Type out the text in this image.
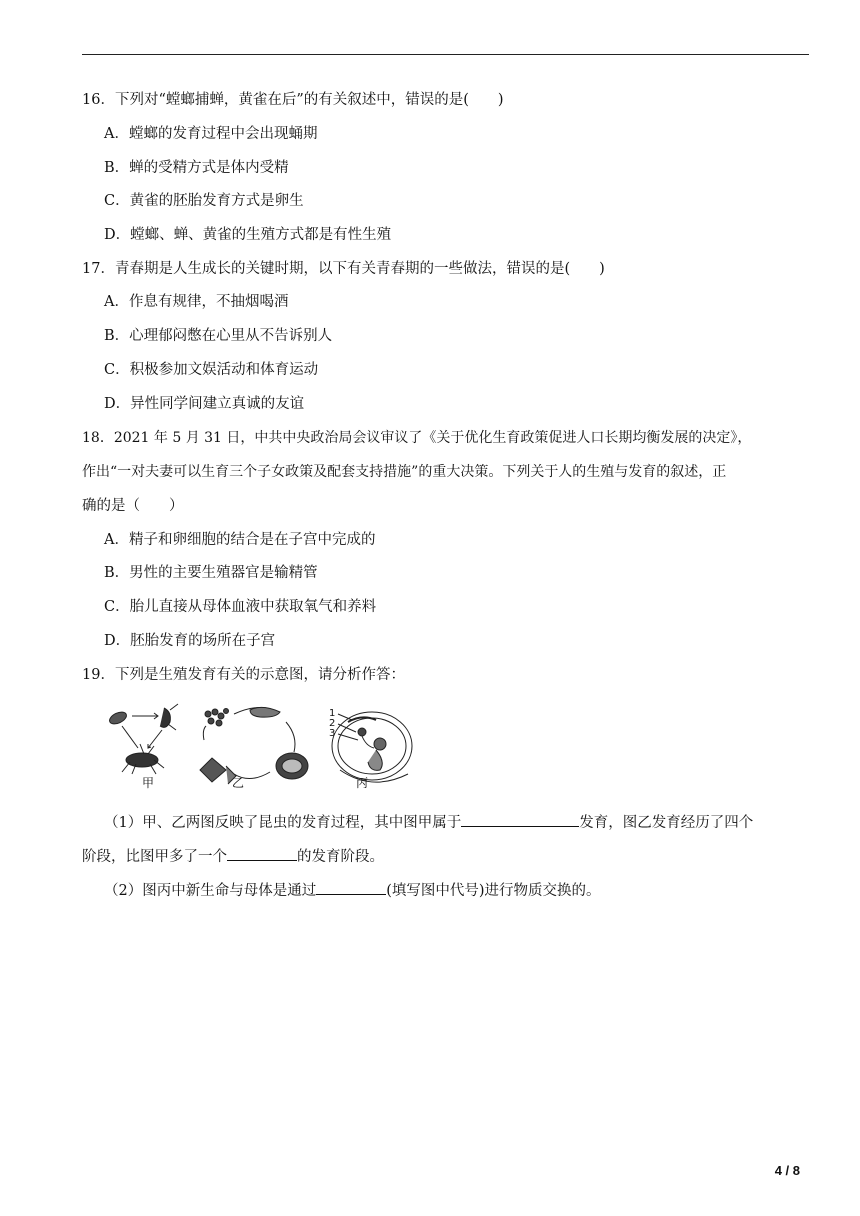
16．下列对“螳螂捕蝉，黄雀在后”的有关叙述中，错误的是(　　)
A．螳螂的发育过程中会出现蛹期
B．蝉的受精方式是体内受精
C．黄雀的胚胎发育方式是卵生
D．螳螂、蝉、黄雀的生殖方式都是有性生殖
17．青春期是人生成长的关键时期，以下有关青春期的一些做法，错误的是(　　)
A．作息有规律，不抽烟喝酒
B．心理郁闷憋在心里从不告诉别人
C．积极参加文娱活动和体育运动
D．异性同学间建立真诚的友谊
18．2021 年 5 月 31 日，中共中央政治局会议审议了《关于优化生育政策促进人口长期均衡发展的决定》，
作出“一对夫妻可以生育三个子女政策及配套支持措施”的重大决策。下列关于人的生殖与发育的叙述，正
确的是（　　）
A．精子和卵细胞的结合是在子宫中完成的
B．男性的主要生殖器官是输精管
C．胎儿直接从母体血液中获取氧气和养料
D．胚胎发育的场所在子宫
19．下列是生殖发育有关的示意图，请分析作答：
甲	乙	丙
1
2
3
（1）甲、乙两图反映了昆虫的发育过程，其中图甲属于	发育，图乙发育经历了四个
阶段，比图甲多了一个	的发育阶段。
（2）图丙中新生命与母体是通过	(填写图中代号)进行物质交换的。
4 / 8
